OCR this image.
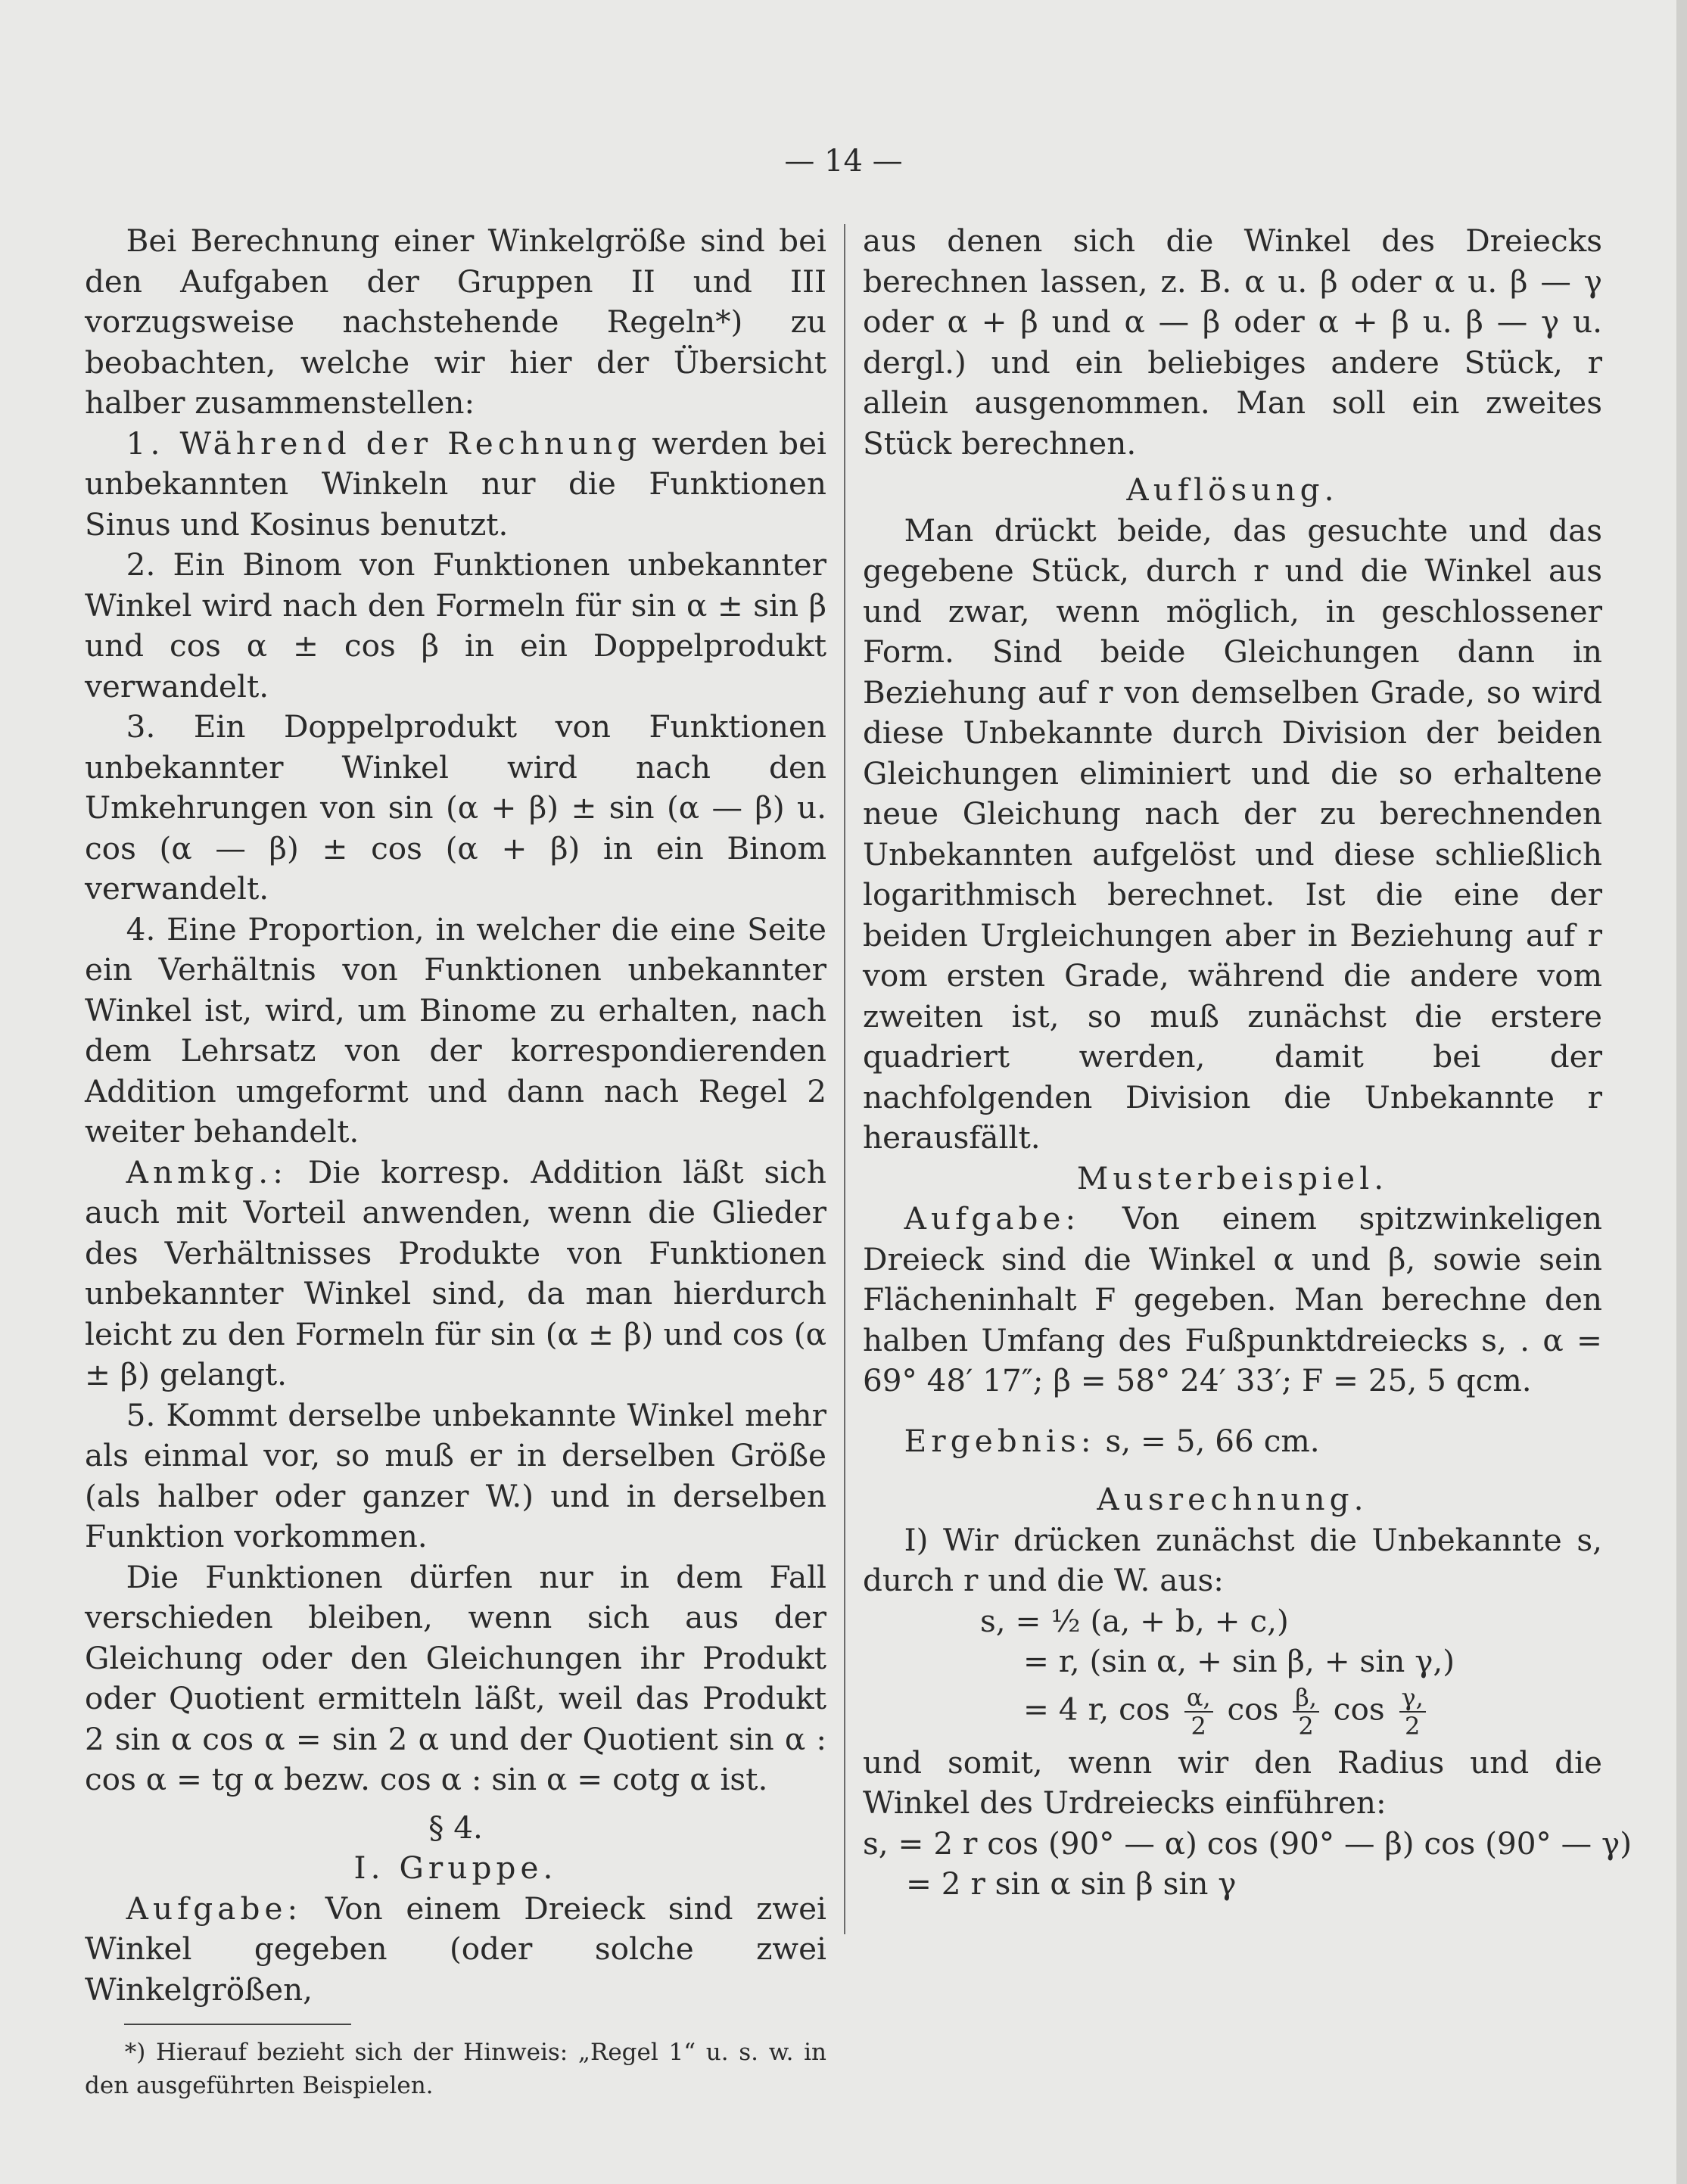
— 14 —

Bei Berechnung einer Winkelgröße sind bei den Aufgaben der Gruppen II und III vorzugsweise nachstehende Regeln*) zu beobachten, welche wir hier der Übersicht halber zusammenstellen:

1. Während der Rechnung werden bei unbekannten Winkeln nur die Funktionen Sinus und Kosinus benutzt.

2. Ein Binom von Funktionen unbekannter Winkel wird nach den Formeln für sin α ± sin β und cos α ± cos β in ein Doppelprodukt verwandelt.

3. Ein Doppelprodukt von Funktionen unbekannter Winkel wird nach den Umkehrungen von sin (α + β) ± sin (α — β) u. cos (α — β) ± cos (α + β) in ein Binom verwandelt.

4. Eine Proportion, in welcher die eine Seite ein Verhältnis von Funktionen unbekannter Winkel ist, wird, um Binome zu erhalten, nach dem Lehrsatz von der korrespondierenden Addition umgeformt und dann nach Regel 2 weiter behandelt.

Anmkg.: Die korresp. Addition läßt sich auch mit Vorteil anwenden, wenn die Glieder des Verhältnisses Produkte von Funktionen unbekannter Winkel sind, da man hierdurch leicht zu den Formeln für sin (α ± β) und cos (α ± β) gelangt.

5. Kommt derselbe unbekannte Winkel mehr als einmal vor, so muß er in derselben Größe (als halber oder ganzer W.) und in derselben Funktion vorkommen.

Die Funktionen dürfen nur in dem Fall verschieden bleiben, wenn sich aus der Gleichung oder den Gleichungen ihr Produkt oder Quotient ermitteln läßt, weil das Produkt 2 sin α cos α = sin 2 α und der Quotient sin α : cos α = tg α bezw. cos α : sin α = cotg α ist.

§ 4.

I. Gruppe.

Aufgabe: Von einem Dreieck sind zwei Winkel gegeben (oder solche zwei Winkelgrößen,

*) Hierauf bezieht sich der Hinweis: „Regel 1“ u. s. w. in den ausgeführten Beispielen.

aus denen sich die Winkel des Dreiecks berechnen lassen, z. B. α u. β oder α u. β — γ oder α + β und α — β oder α + β u. β — γ u. dergl.) und ein beliebiges andere Stück, r allein ausgenommen. Man soll ein zweites Stück berechnen.

Auflösung.

Man drückt beide, das gesuchte und das gegebene Stück, durch r und die Winkel aus und zwar, wenn möglich, in geschlossener Form. Sind beide Gleichungen dann in Beziehung auf r von demselben Grade, so wird diese Unbekannte durch Division der beiden Gleichungen eliminiert und die so erhaltene neue Gleichung nach der zu berechnenden Unbekannten aufgelöst und diese schließlich logarithmisch berechnet. Ist die eine der beiden Urgleichungen aber in Beziehung auf r vom ersten Grade, während die andere vom zweiten ist, so muß zunächst die erstere quadriert werden, damit bei der nachfolgenden Division die Unbekannte r herausfällt.

Musterbeispiel.

Aufgabe: Von einem spitzwinkeligen Dreieck sind die Winkel α und β, sowie sein Flächeninhalt F gegeben. Man berechne den halben Umfang des Fußpunktdreiecks s, . α = 69° 48′ 17″; β = 58° 24′ 33′; F = 25, 5 qcm.

Ergebnis: s, = 5, 66 cm.

Ausrechnung.

I) Wir drücken zunächst die Unbekannte s, durch r und die W. aus:

s, = ½ (a, + b, + c,)
= r, (sin α, + sin β, + sin γ,)
= 4 r, $\cos \frac{\alpha,}{2}$ $\cos \frac{\beta,}{2}$ $\cos \frac{\gamma,}{2}$

und somit, wenn wir den Radius und die Winkel des Urdreiecks einführen:

s, = 2 r cos (90° — α) cos (90° — β) cos (90° — γ)
= 2 r sin α sin β sin γ
